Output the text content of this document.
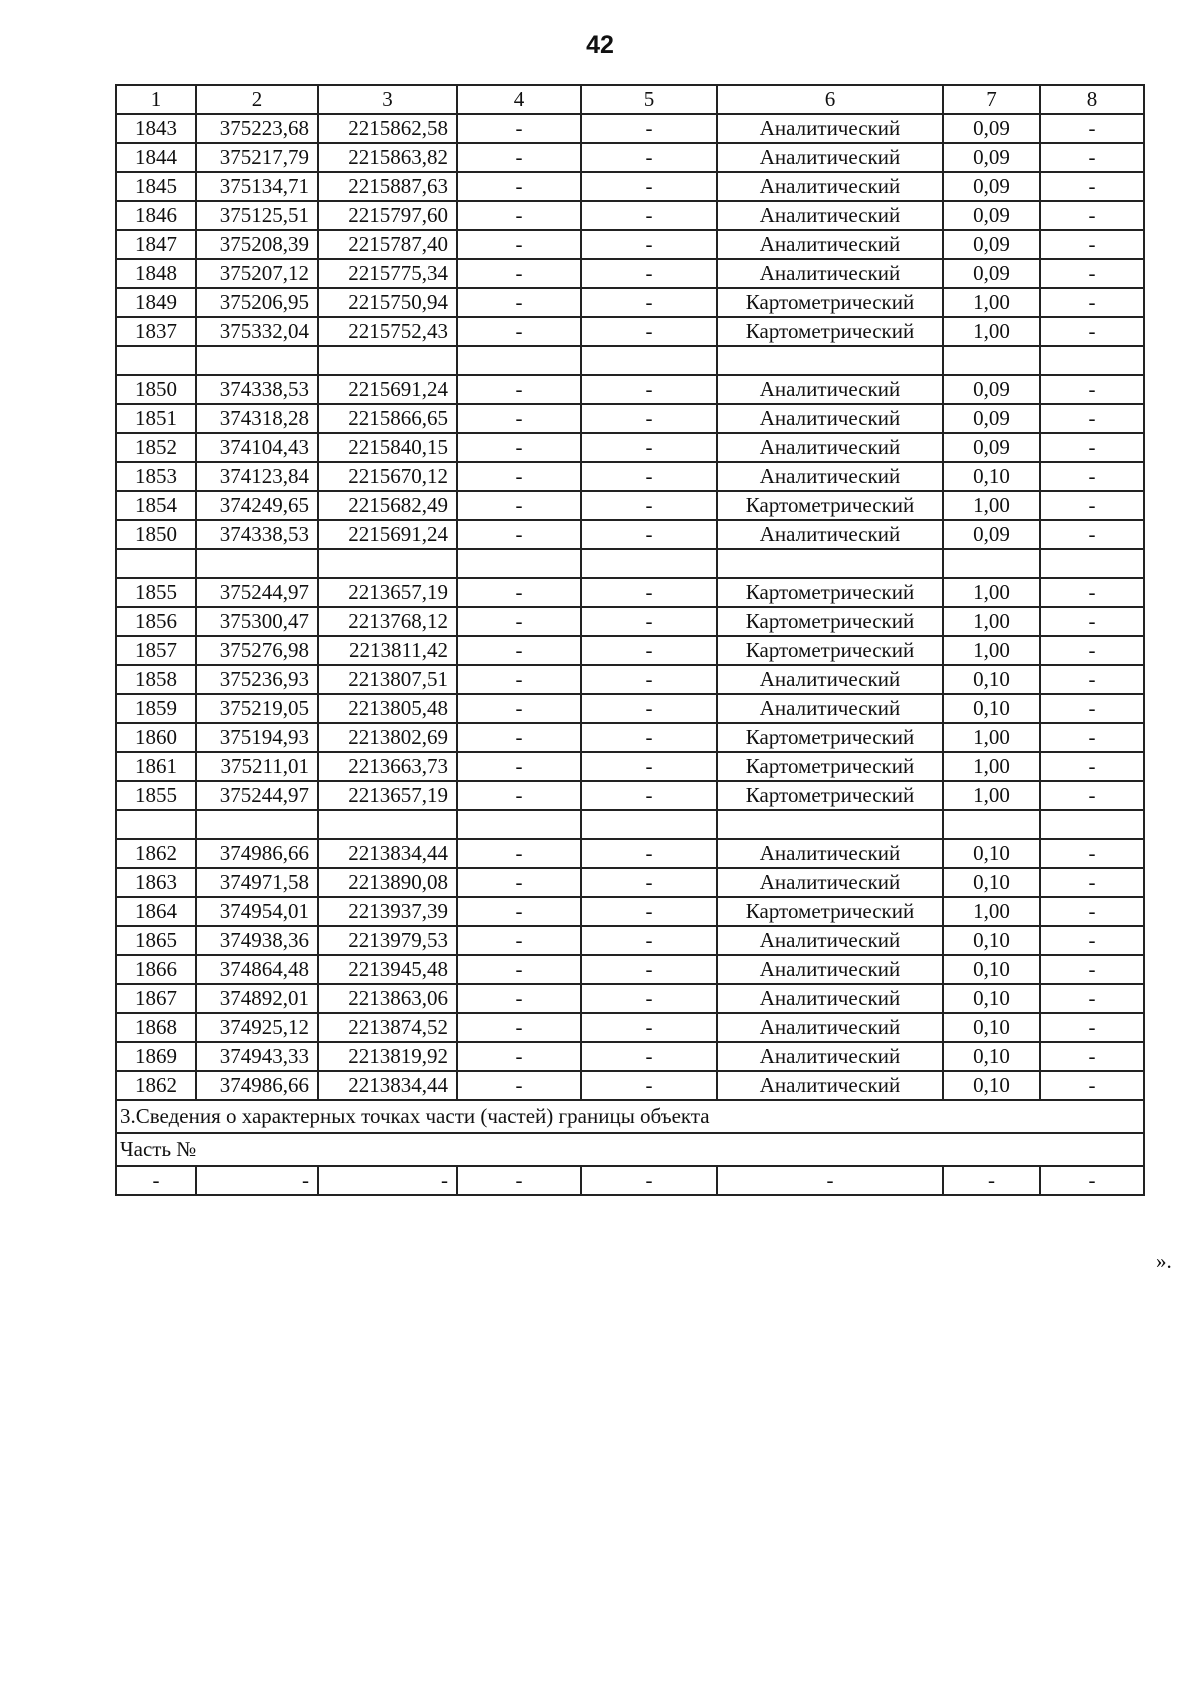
42
1	2	3	4	5	6	7	8
1843	375223,68	2215862,58	-	-	Аналитический	0,09	-
1844	375217,79	2215863,82	-	-	Аналитический	0,09	-
1845	375134,71	2215887,63	-	-	Аналитический	0,09	-
1846	375125,51	2215797,60	-	-	Аналитический	0,09	-
1847	375208,39	2215787,40	-	-	Аналитический	0,09	-
1848	375207,12	2215775,34	-	-	Аналитический	0,09	-
1849	375206,95	2215750,94	-	-	Картометрический	1,00	-
1837	375332,04	2215752,43	-	-	Картометрический	1,00	-

1850	374338,53	2215691,24	-	-	Аналитический	0,09	-
1851	374318,28	2215866,65	-	-	Аналитический	0,09	-
1852	374104,43	2215840,15	-	-	Аналитический	0,09	-
1853	374123,84	2215670,12	-	-	Аналитический	0,10	-
1854	374249,65	2215682,49	-	-	Картометрический	1,00	-
1850	374338,53	2215691,24	-	-	Аналитический	0,09	-

1855	375244,97	2213657,19	-	-	Картометрический	1,00	-
1856	375300,47	2213768,12	-	-	Картометрический	1,00	-
1857	375276,98	2213811,42	-	-	Картометрический	1,00	-
1858	375236,93	2213807,51	-	-	Аналитический	0,10	-
1859	375219,05	2213805,48	-	-	Аналитический	0,10	-
1860	375194,93	2213802,69	-	-	Картометрический	1,00	-
1861	375211,01	2213663,73	-	-	Картометрический	1,00	-
1855	375244,97	2213657,19	-	-	Картометрический	1,00	-

1862	374986,66	2213834,44	-	-	Аналитический	0,10	-
1863	374971,58	2213890,08	-	-	Аналитический	0,10	-
1864	374954,01	2213937,39	-	-	Картометрический	1,00	-
1865	374938,36	2213979,53	-	-	Аналитический	0,10	-
1866	374864,48	2213945,48	-	-	Аналитический	0,10	-
1867	374892,01	2213863,06	-	-	Аналитический	0,10	-
1868	374925,12	2213874,52	-	-	Аналитический	0,10	-
1869	374943,33	2213819,92	-	-	Аналитический	0,10	-
1862	374986,66	2213834,44	-	-	Аналитический	0,10	-
3.Сведения о характерных точках части (частей) границы объекта							
Часть №							
-	-	-	-	-	-	-	-
».
